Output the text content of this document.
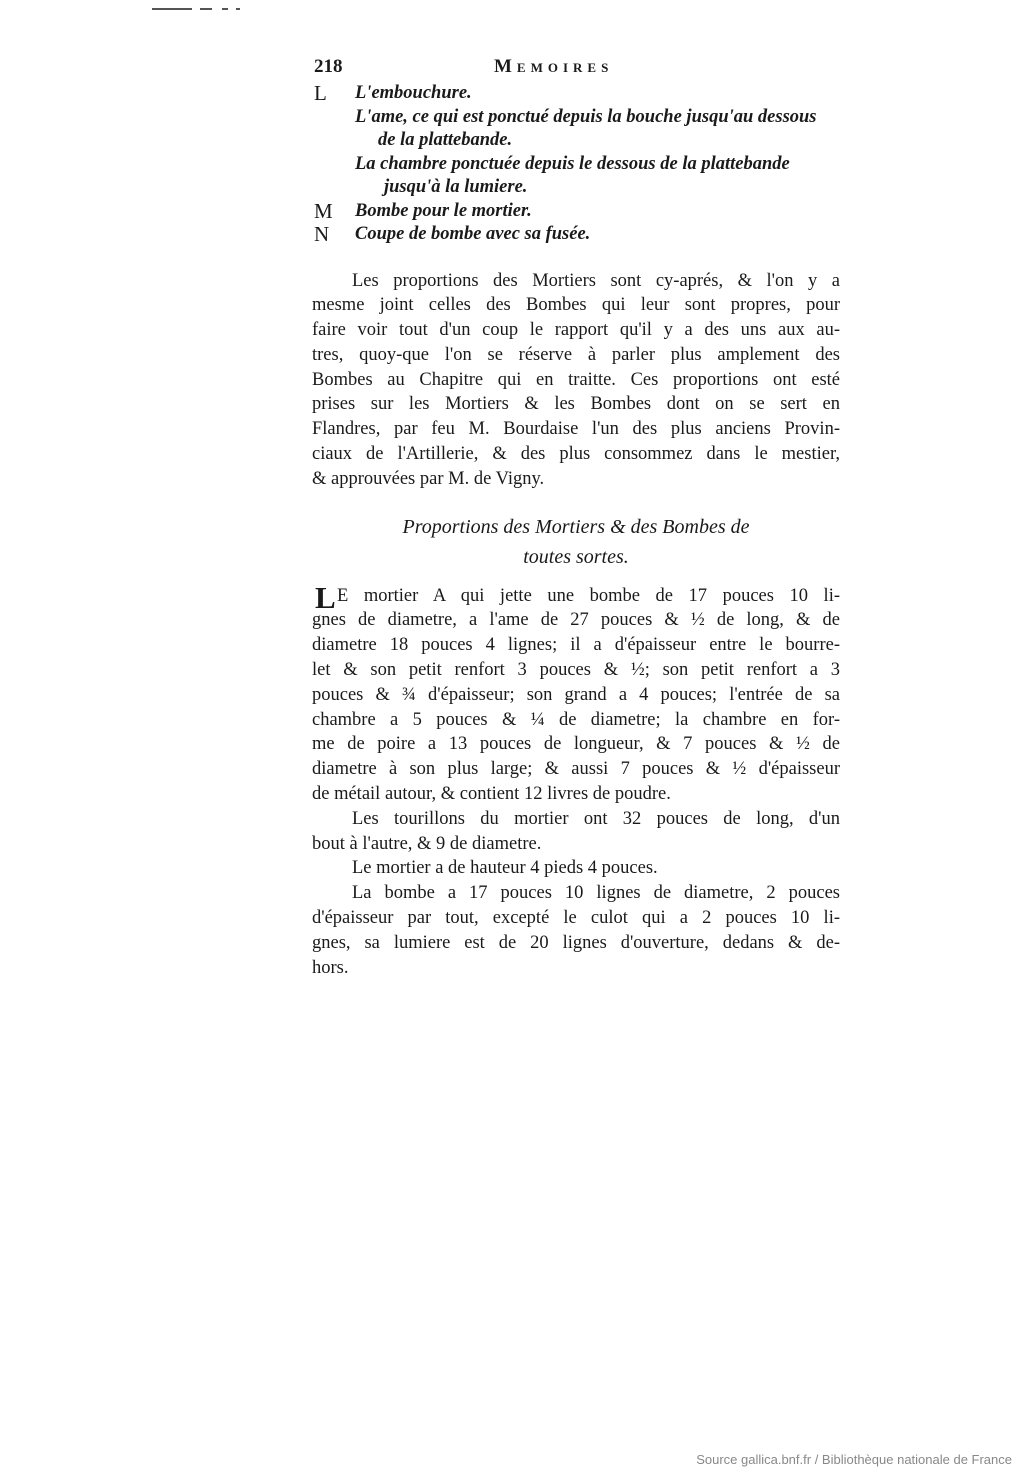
218	Memoires
L	L'embouchure.
L'ame, ce qui est ponctué depuis la bouche jusqu'au dessous
de la plattebande.
La chambre ponctuée depuis le dessous de la plattebande
jusqu'à la lumiere.
M	Bombe pour le mortier.
N	Coupe de bombe avec sa fusée.
Les proportions des Mortiers sont cy-aprés, & l'on y a
mesme joint celles des Bombes qui leur sont propres, pour
faire voir tout d'un coup le rapport qu'il y a des uns aux au-
tres, quoy-que l'on se réserve à parler plus amplement des
Bombes au Chapitre qui en traitte. Ces proportions ont esté
prises sur les Mortiers & les Bombes dont on se sert en
Flandres, par feu M. Bourdaise l'un des plus anciens Provin-
ciaux de l'Artillerie, & des plus consommez dans le mestier,
& approuvées par M. de Vigny.
Proportions des Mortiers & des Bombes de
toutes sortes.
L E mortier A qui jette une bombe de 17 pouces 10 li-
gnes de diametre, a l'ame de 27 pouces & ½ de long, & de
diametre 18 pouces 4 lignes; il a d'épaisseur entre le bourre-
let & son petit renfort 3 pouces & ½; son petit renfort a 3
pouces & ¾ d'épaisseur; son grand a 4 pouces; l'entrée de sa
chambre a 5 pouces & ¼ de diametre; la chambre en for-
me de poire a 13 pouces de longueur, & 7 pouces & ½ de
diametre à son plus large; & aussi 7 pouces & ½ d'épaisseur
de métail autour, & contient 12 livres de poudre.
Les tourillons du mortier ont 32 pouces de long, d'un
bout à l'autre, & 9 de diametre.
Le mortier a de hauteur 4 pieds 4 pouces.
La bombe a 17 pouces 10 lignes de diametre, 2 pouces
d'épaisseur par tout, excepté le culot qui a 2 pouces 10 li-
gnes, sa lumiere est de 20 lignes d'ouverture, dedans & de-
hors.
Source gallica.bnf.fr / Bibliothèque nationale de France
